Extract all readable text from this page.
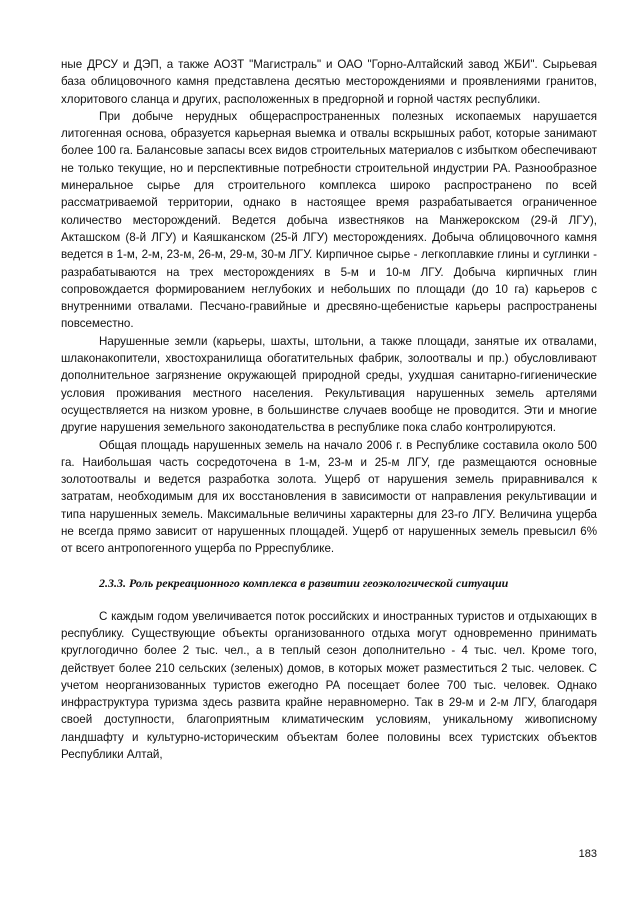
ные ДРСУ и ДЭП, а также АОЗТ "Магистраль" и ОАО "Горно-Алтайский завод ЖБИ". Сырьевая база облицовочного камня представлена десятью месторождениями и проявлениями гранитов, хлоритового сланца и других, расположенных в предгорной и горной частях республики.

При добыче нерудных общераспространенных полезных ископаемых нарушается литогенная основа, образуется карьерная выемка и отвалы вскрышных работ, которые занимают более 100 га. Балансовые запасы всех видов строительных материалов с избытком обеспечивают не только текущие, но и перспективные потребности строительной индустрии РА. Разнообразное минеральное сырье для строительного комплекса широко распространено по всей рассматриваемой территории, однако в настоящее время разрабатывается ограниченное количество месторождений. Ведется добыча известняков на Манжерокском (29-й ЛГУ), Акташском (8-й ЛГУ) и Каяшканском (25-й ЛГУ) месторождениях. Добыча облицовочного камня ведется в 1-м, 2-м, 23-м, 26-м, 29-м, 30-м ЛГУ. Кирпичное сырье - легкоплавкие глины и суглинки - разрабатываются на трех месторождениях в 5-м и 10-м ЛГУ. Добыча кирпичных глин сопровождается формированием неглубоких и небольших по площади (до 10 га) карьеров с внутренними отвалами. Песчано-гравийные и дресвяно-щебенистые карьеры распространены повсеместно.

Нарушенные земли (карьеры, шахты, штольни, а также площади, занятые их отвалами, шлаконакопители, хвостохранилища обогатительных фабрик, золоотвалы и пр.) обусловливают дополнительное загрязнение окружающей природной среды, ухудшая санитарно-гигиенические условия проживания местного населения. Рекультивация нарушенных земель артелями осуществляется на низком уровне, в большинстве случаев вообще не проводится. Эти и многие другие нарушения земельного законодательства в республике пока слабо контролируются.

Общая площадь нарушенных земель на начало 2006 г. в Республике составила около 500 га. Наибольшая часть сосредоточена в 1-м, 23-м и 25-м ЛГУ, где размещаются основные золотоотвалы и ведется разработка золота. Ущерб от нарушения земель приравнивался к затратам, необходимым для их восстановления в зависимости от направления рекультивации и типа нарушенных земель. Максимальные величины характерны для 23-го ЛГУ. Величина ущерба не всегда прямо зависит от нарушенных площадей. Ущерб от нарушенных земель превысил 6% от всего антропогенного ущерба по Ррреспублике.

2.3.3. Роль рекреационного комплекса в развитии геоэкологической ситуации

С каждым годом увеличивается поток российских и иностранных туристов и отдыхающих в республику. Существующие объекты организованного отдыха могут одновременно принимать круглогодично более 2 тыс. чел., а в теплый сезон дополнительно - 4 тыс. чел. Кроме того, действует более 210 сельских (зеленых) домов, в которых может разместиться 2 тыс. человек. С учетом неорганизованных туристов ежегодно РА посещает более 700 тыс. человек. Однако инфраструктура туризма здесь развита крайне неравномерно. Так в 29-м и 2-м ЛГУ, благодаря своей доступности, благоприятным климатическим условиям, уникальному живописному ландшафту и культурно-историческим объектам более половины всех туристских объектов Республики Алтай,

183
